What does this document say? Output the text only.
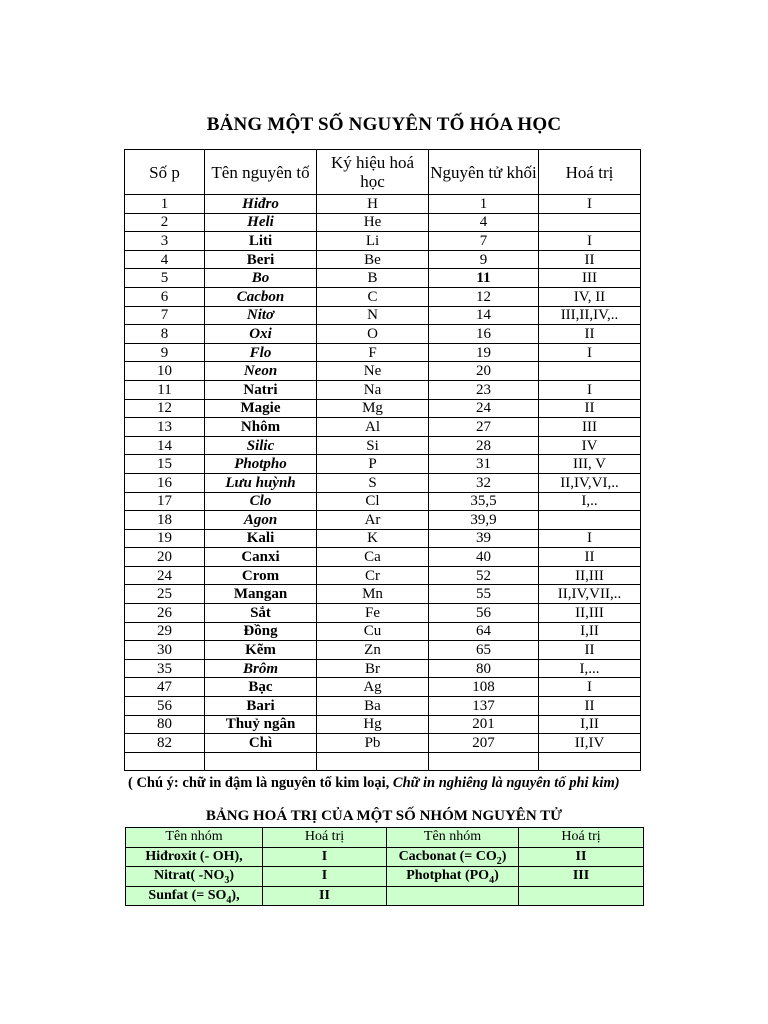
BẢNG MỘT SỐ NGUYÊN TỐ HÓA HỌC
Số p	Tên nguyên tố	Ký hiệu hoá học	Nguyên tử khối	Hoá trị
1	Hiđro	H	1	I
2	Heli	He	4	
3	Liti	Li	7	I
4	Beri	Be	9	II
5	Bo	B	11	III
6	Cacbon	C	12	IV, II
7	Nitơ	N	14	III,II,IV,..
8	Oxi	O	16	II
9	Flo	F	19	I
10	Neon	Ne	20	
11	Natri	Na	23	I
12	Magie	Mg	24	II
13	Nhôm	Al	27	III
14	Silic	Si	28	IV
15	Photpho	P	31	III, V
16	Lưu huỳnh	S	32	II,IV,VI,..
17	Clo	Cl	35,5	I,..
18	Agon	Ar	39,9	
19	Kali	K	39	I
20	Canxi	Ca	40	II
24	Crom	Cr	52	II,III
25	Mangan	Mn	55	II,IV,VII,..
26	Sắt	Fe	56	II,III
29	Đồng	Cu	64	I,II
30	Kẽm	Zn	65	II
35	Brôm	Br	80	I,...
47	Bạc	Ag	108	I
56	Bari	Ba	137	II
80	Thuỷ ngân	Hg	201	I,II
82	Chì	Pb	207	II,IV

( Chú ý: chữ in đậm là nguyên tố kim loại, Chữ in nghiêng là nguyên tố phi kim)
BẢNG HOÁ TRỊ CỦA MỘT SỐ NHÓM NGUYÊN TỬ
Tên nhóm	Hoá trị	Tên nhóm	Hoá trị
Hiđroxit (- OH),	I	Cacbonat (= $CO_2$)	II
Nitrat( $-NO_3$)	I	Photphat $(PO_4)$	III
Sunfat (= $SO_4$),	II		
